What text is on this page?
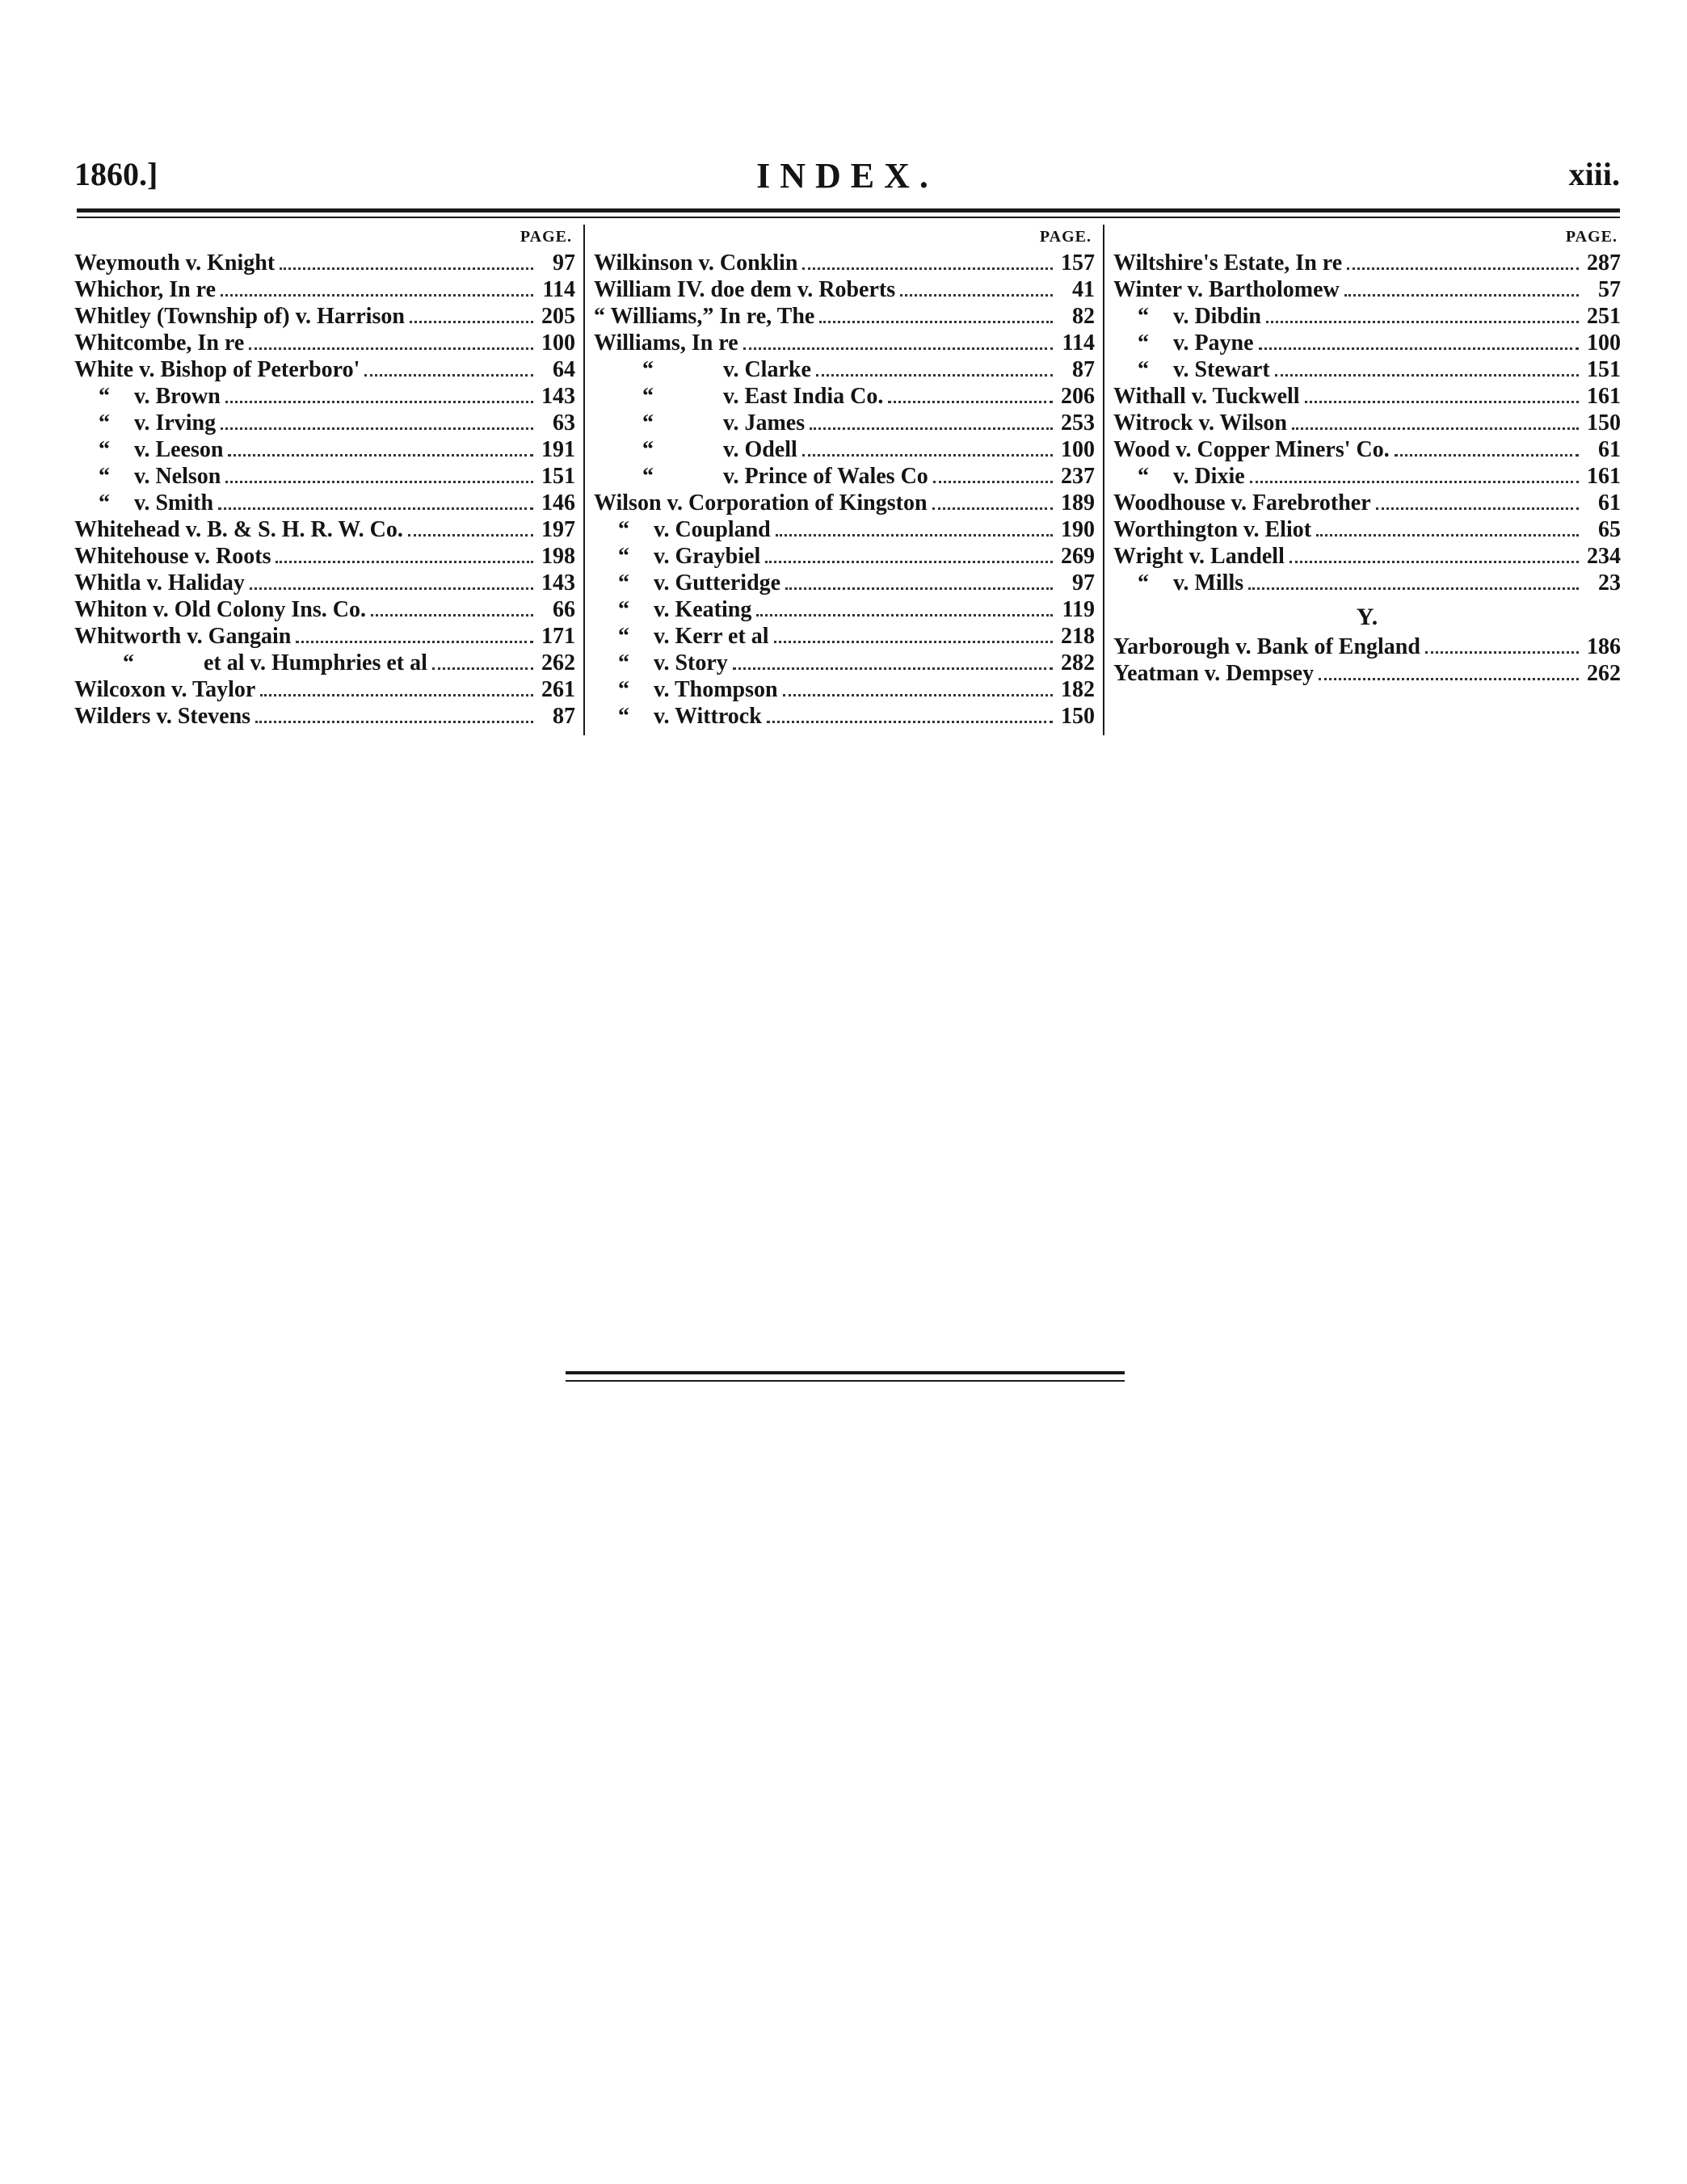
1860.]	INDEX.	xiii.
PAGE.
Weymouth v. Knight	97
Whichor, In re	114
Whitley (Township of) v. Harrison	205
Whitcombe, In re	100
White v. Bishop of Peterboro'	64
“	v. Brown	143
“	v. Irving	63
“	v. Leeson	191
“	v. Nelson	151
“	v. Smith	146
Whitehead v. B. & S. H. R. W. Co.	197
Whitehouse v. Roots	198
Whitla v. Haliday	143
Whiton v. Old Colony Ins. Co.	66
Whitworth v. Gangain	171
“	et al v. Humphries et al	262
Wilcoxon v. Taylor	261
Wilders v. Stevens	87
PAGE.
Wilkinson v. Conklin	157
William IV. doe dem v. Roberts	41
“ Williams,” In re, The	82
Williams, In re	114
“	v. Clarke	87
“	v. East India Co.	206
“	v. James	253
“	v. Odell	100
“	v. Prince of Wales Co	237
Wilson v. Corporation of Kingston	189
“	v. Coupland	190
“	v. Graybiel	269
“	v. Gutteridge	97
“	v. Keating	119
“	v. Kerr et al	218
“	v. Story	282
“	v. Thompson	182
“	v. Wittrock	150
PAGE.
Wiltshire's Estate, In re	287
Winter v. Bartholomew	57
“	v. Dibdin	251
“	v. Payne	100
“	v. Stewart	151
Withall v. Tuckwell	161
Witrock v. Wilson	150
Wood v. Copper Miners' Co.	61
“	v. Dixie	161
Woodhouse v. Farebrother	61
Worthington v. Eliot	65
Wright v. Landell	234
“	v. Mills	23
Y.
Yarborough v. Bank of England	186
Yeatman v. Dempsey	262
